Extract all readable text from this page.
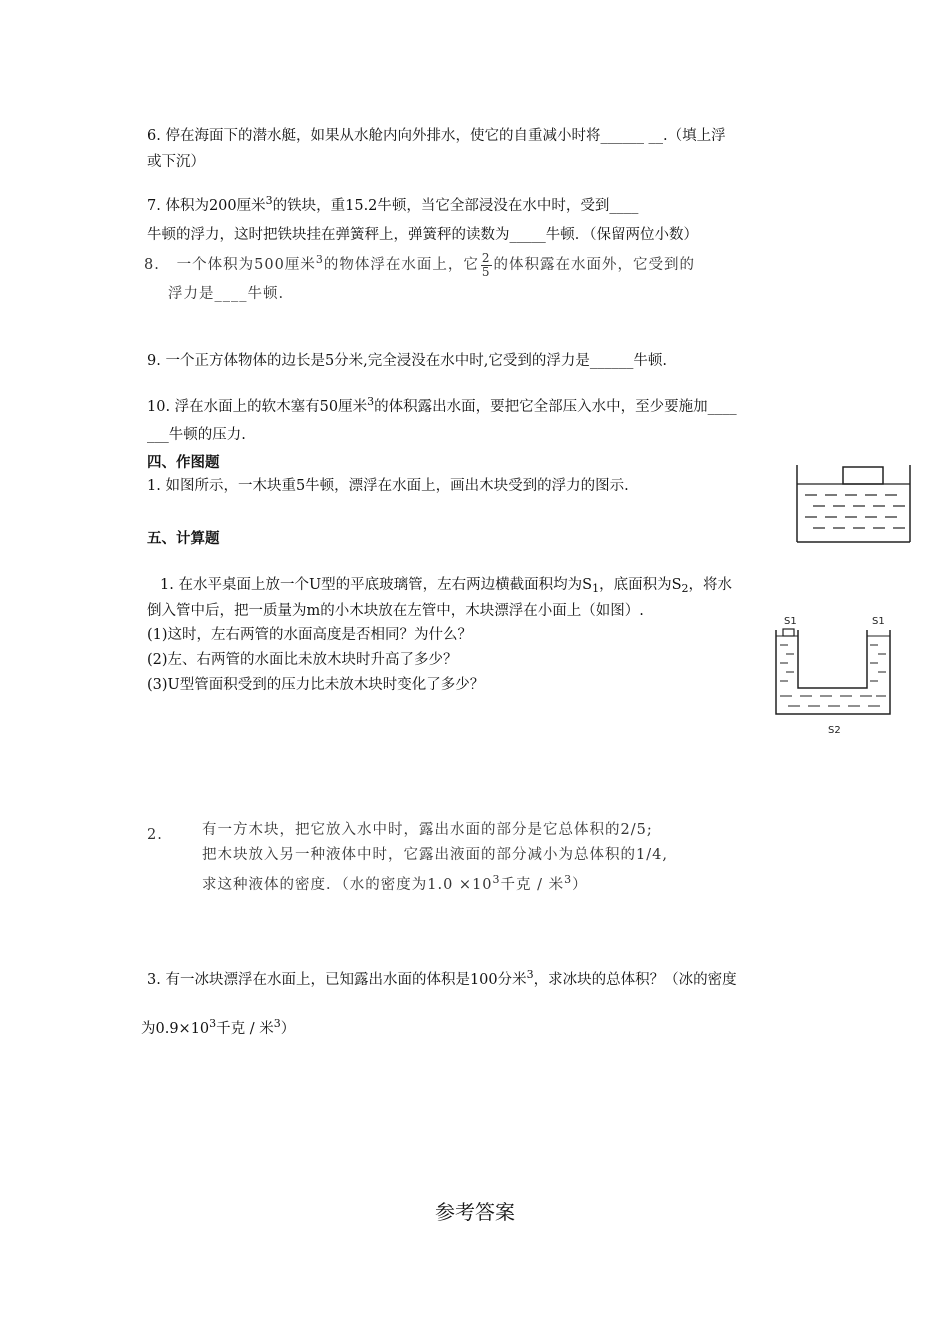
6. 停在海面下的潜水艇，如果从水舱内向外排水，使它的自重减小时将______ __.（填上浮
或下沉）
7. 体积为200厘米$^3$的铁块，重15.2牛顿，当它全部浸没在水中时，受到____
牛顿的浮力，这时把铁块挂在弹簧秤上，弹簧秤的读数为_____牛顿．（保留两位小数）
8. 一个体积为500厘米$^3$的物体浮在水面上，它 $\frac{2}{5}$ 的体积露在水面外，它受到的
浮力是____牛顿.
9. 一个正方体物体的边长是5分米,完全浸没在水中时,它受到的浮力是______牛顿.
10. 浮在水面上的软木塞有50厘米$^3$的体积露出水面，要把它全部压入水中，至少要施加____
___牛顿的压力.
四、作图题
1. 如图所示，一木块重5牛顿，漂浮在水面上，画出木块受到的浮力的图示.
五、计算题
1. 在水平桌面上放一个U型的平底玻璃管，左右两边横截面积均为$S_1$，底面积为$S_2$，将水
倒入管中后，把一质量为m的小木块放在左管中，木块漂浮在小面上（如图）.
(1)这时，左右两管的水面高度是否相同？为什么？
(2)左、右两管的水面比未放木块时升高了多少？
(3)U型管面积受到的压力比未放木块时变化了多少？
S1	S1
S2
2.	有一方木块，把它放入水中时，露出水面的部分是它总体积的2/5;
把木块放入另一种液体中时，它露出液面的部分减小为总体积的1/4,
求这种液体的密度．（水的密度为$1.0 \times 10^3$千克 / 米$^3$）
3. 有一冰块漂浮在水面上，已知露出水面的体积是100分米$^3$，求冰块的总体积？（冰的密度
为$0.9\times 10^3$千克 / 米$^3$）
参考答案
